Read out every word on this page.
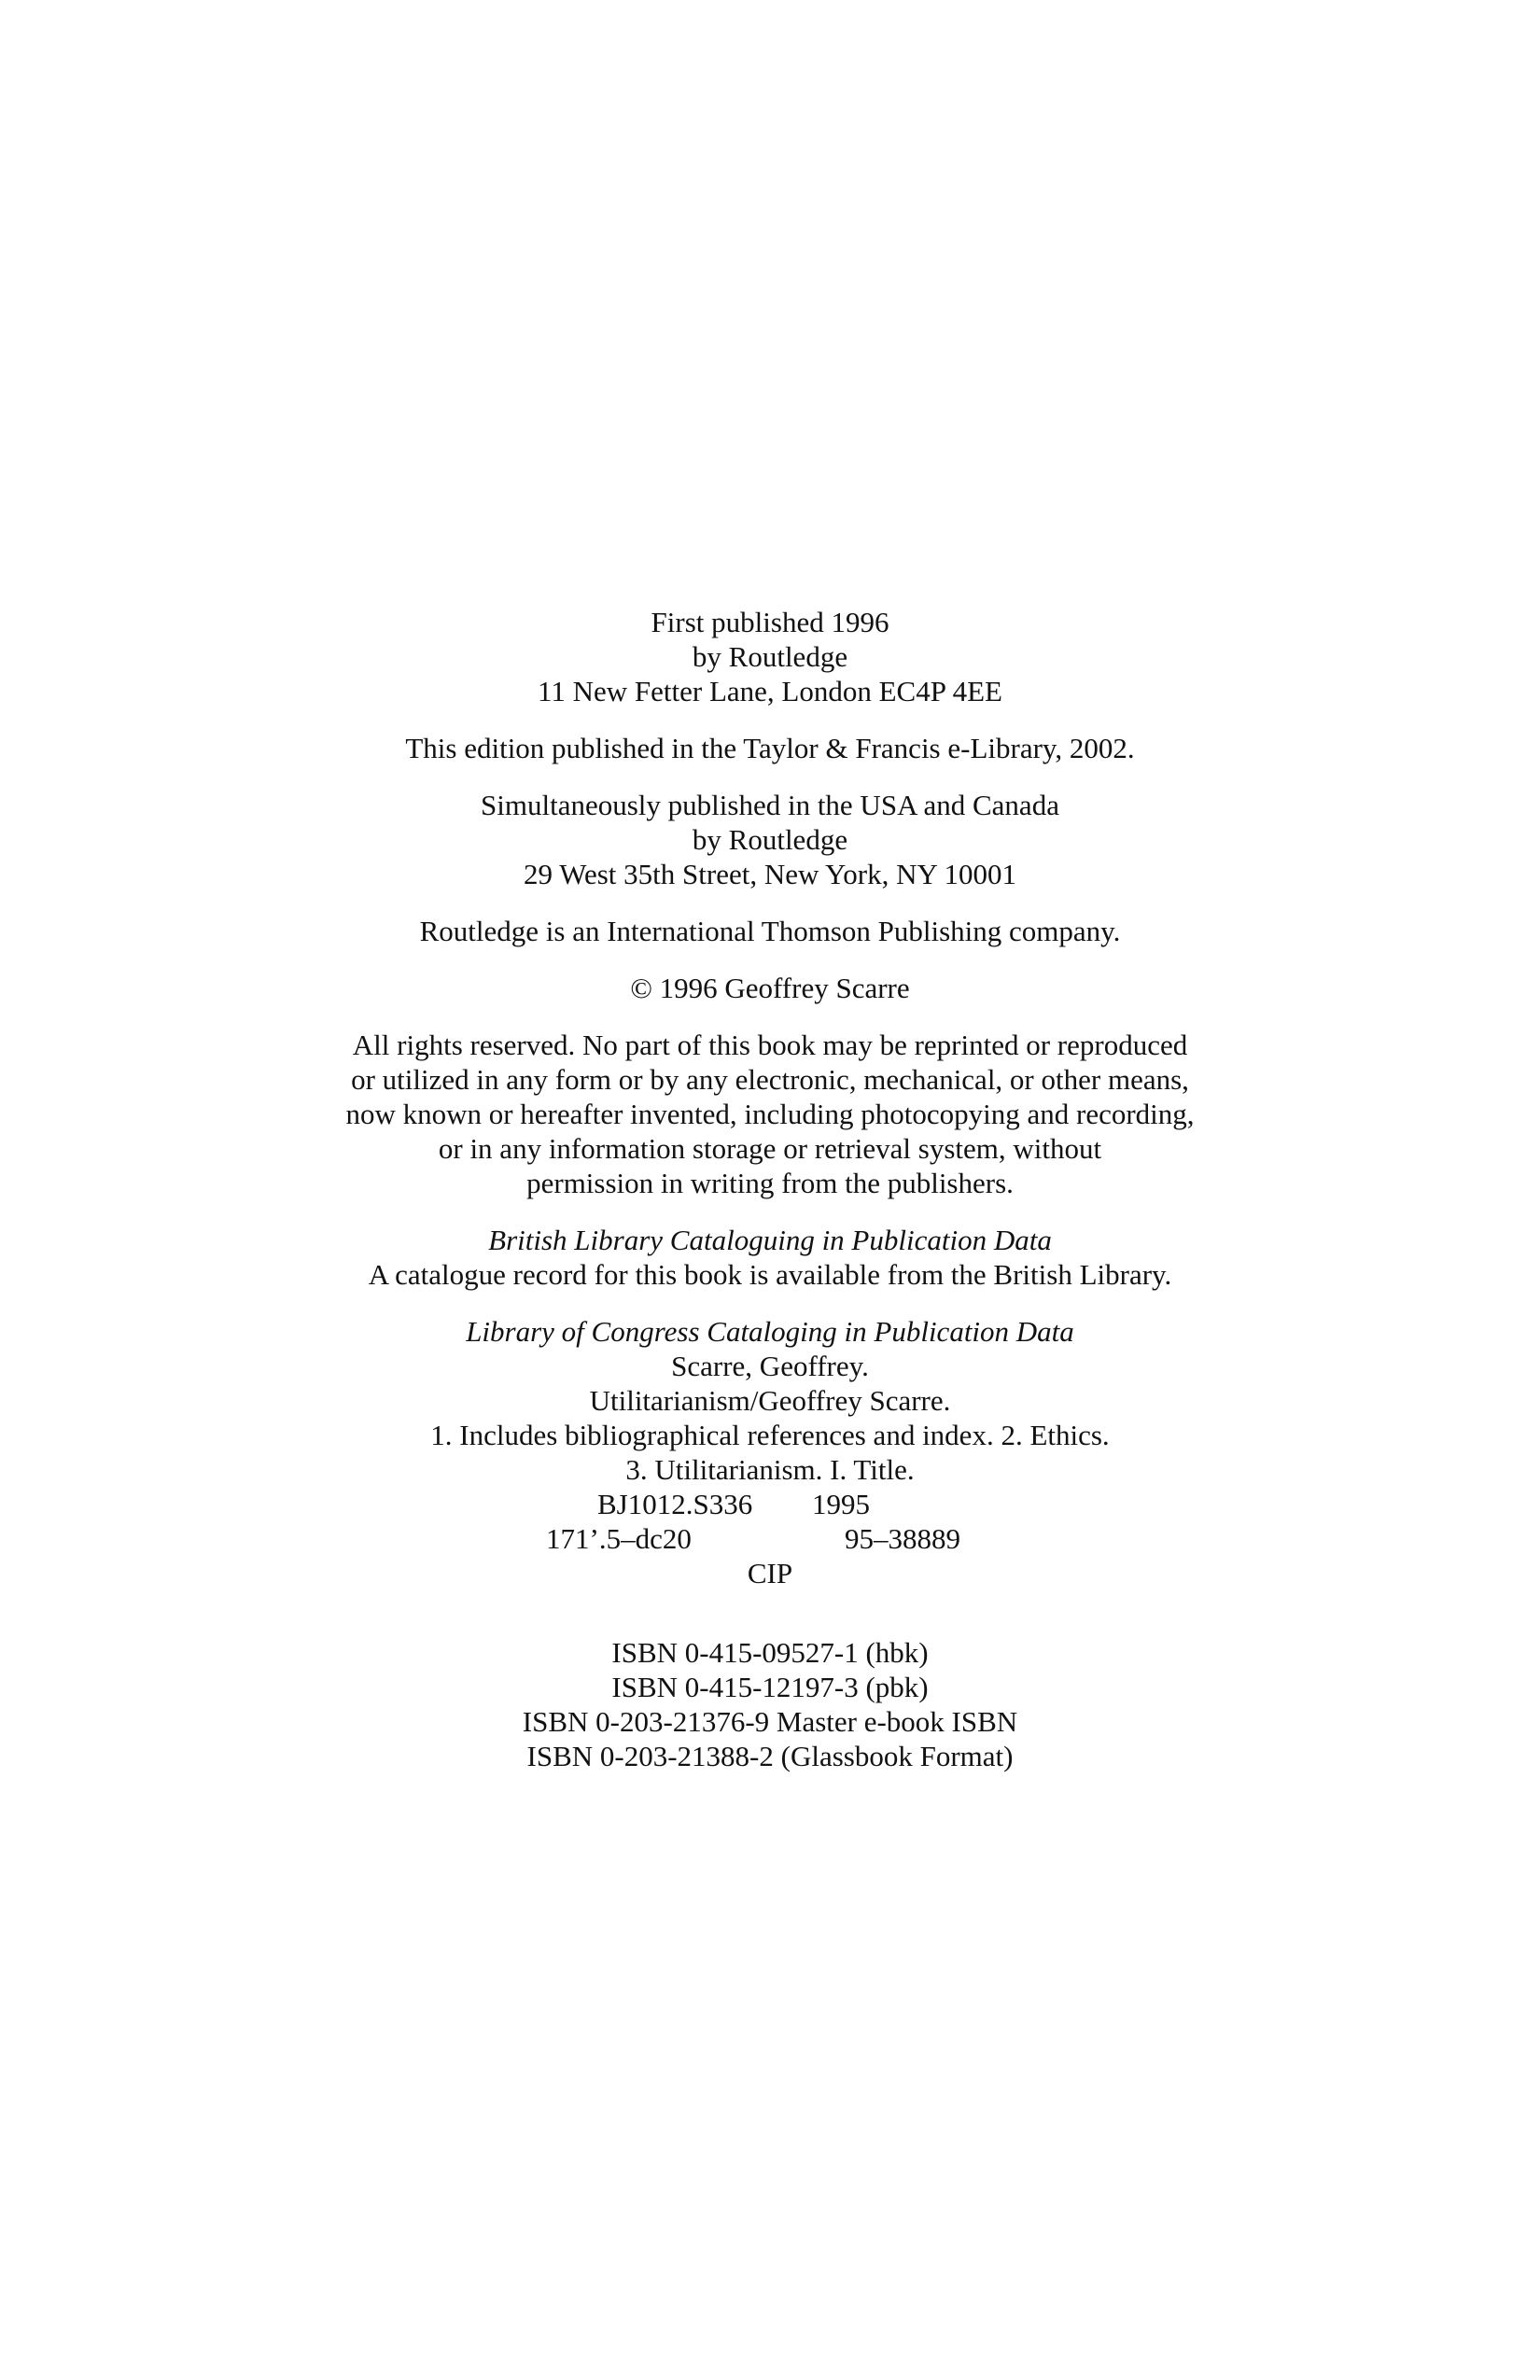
First published 1996
by Routledge
11 New Fetter Lane, London EC4P 4EE
This edition published in the Taylor & Francis e-Library, 2002.
Simultaneously published in the USA and Canada
by Routledge
29 West 35th Street, New York, NY 10001
Routledge is an International Thomson Publishing company.
© 1996 Geoffrey Scarre
All rights reserved. No part of this book may be reprinted or reproduced
or utilized in any form or by any electronic, mechanical, or other means,
now known or hereafter invented, including photocopying and recording,
or in any information storage or retrieval system, without
permission in writing from the publishers.
British Library Cataloguing in Publication Data
A catalogue record for this book is available from the British Library.
Library of Congress Cataloging in Publication Data
Scarre, Geoffrey.
Utilitarianism/Geoffrey Scarre.
1. Includes bibliographical references and index. 2. Ethics.
3. Utilitarianism. I. Title.
BJ1012.S336 1995
171’.5–dc20	95–38889
CIP
ISBN 0-415-09527-1 (hbk)
ISBN 0-415-12197-3 (pbk)
ISBN 0-203-21376-9 Master e-book ISBN
ISBN 0-203-21388-2 (Glassbook Format)
